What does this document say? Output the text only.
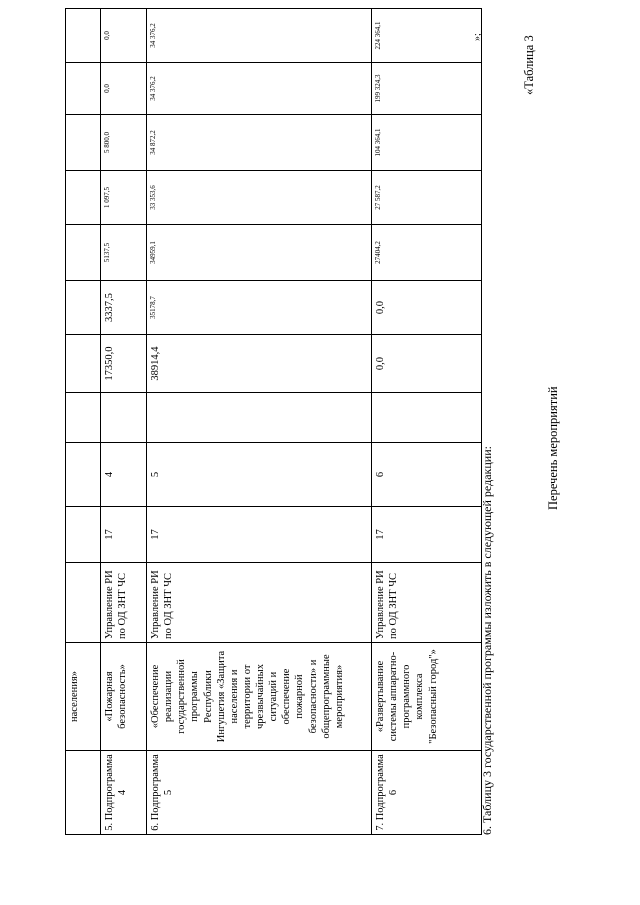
	населения»											
5. Подпрограмма 4	«Пожарная безопасность»	Управление РИ по ОД ЗНТ ЧС	17	4		17350,0	3337,5	5137,5	1 097,5	5 800,0	0,0	0,0
6. Подпрограмма 5	«Обеспечение реализации государственной программы Республики Ингушетия «Защита населения и территории от чрезвычайных ситуаций и обеспечение пожарной безопасности» и общепрограммные мероприятия»	Управление РИ по ОД ЗНТ ЧС	17	5		38914,4	35178,7	34959,1	33 353,6	34 872,2	34 376,2	34 376,2
7. Подпрограмма 6	«Развертывание системы аппаратно-программного комплекса "Безопасный город"»	Управление РИ по ОД ЗНТ ЧС	17	6		0,0	0,0	27404,2	27 587,2	104 364,1	199 324,3	224 364,1	»;
6. Таблицу 3 государственной программы изложить в следующей редакции:	Перечень мероприятий
«Таблица 3
